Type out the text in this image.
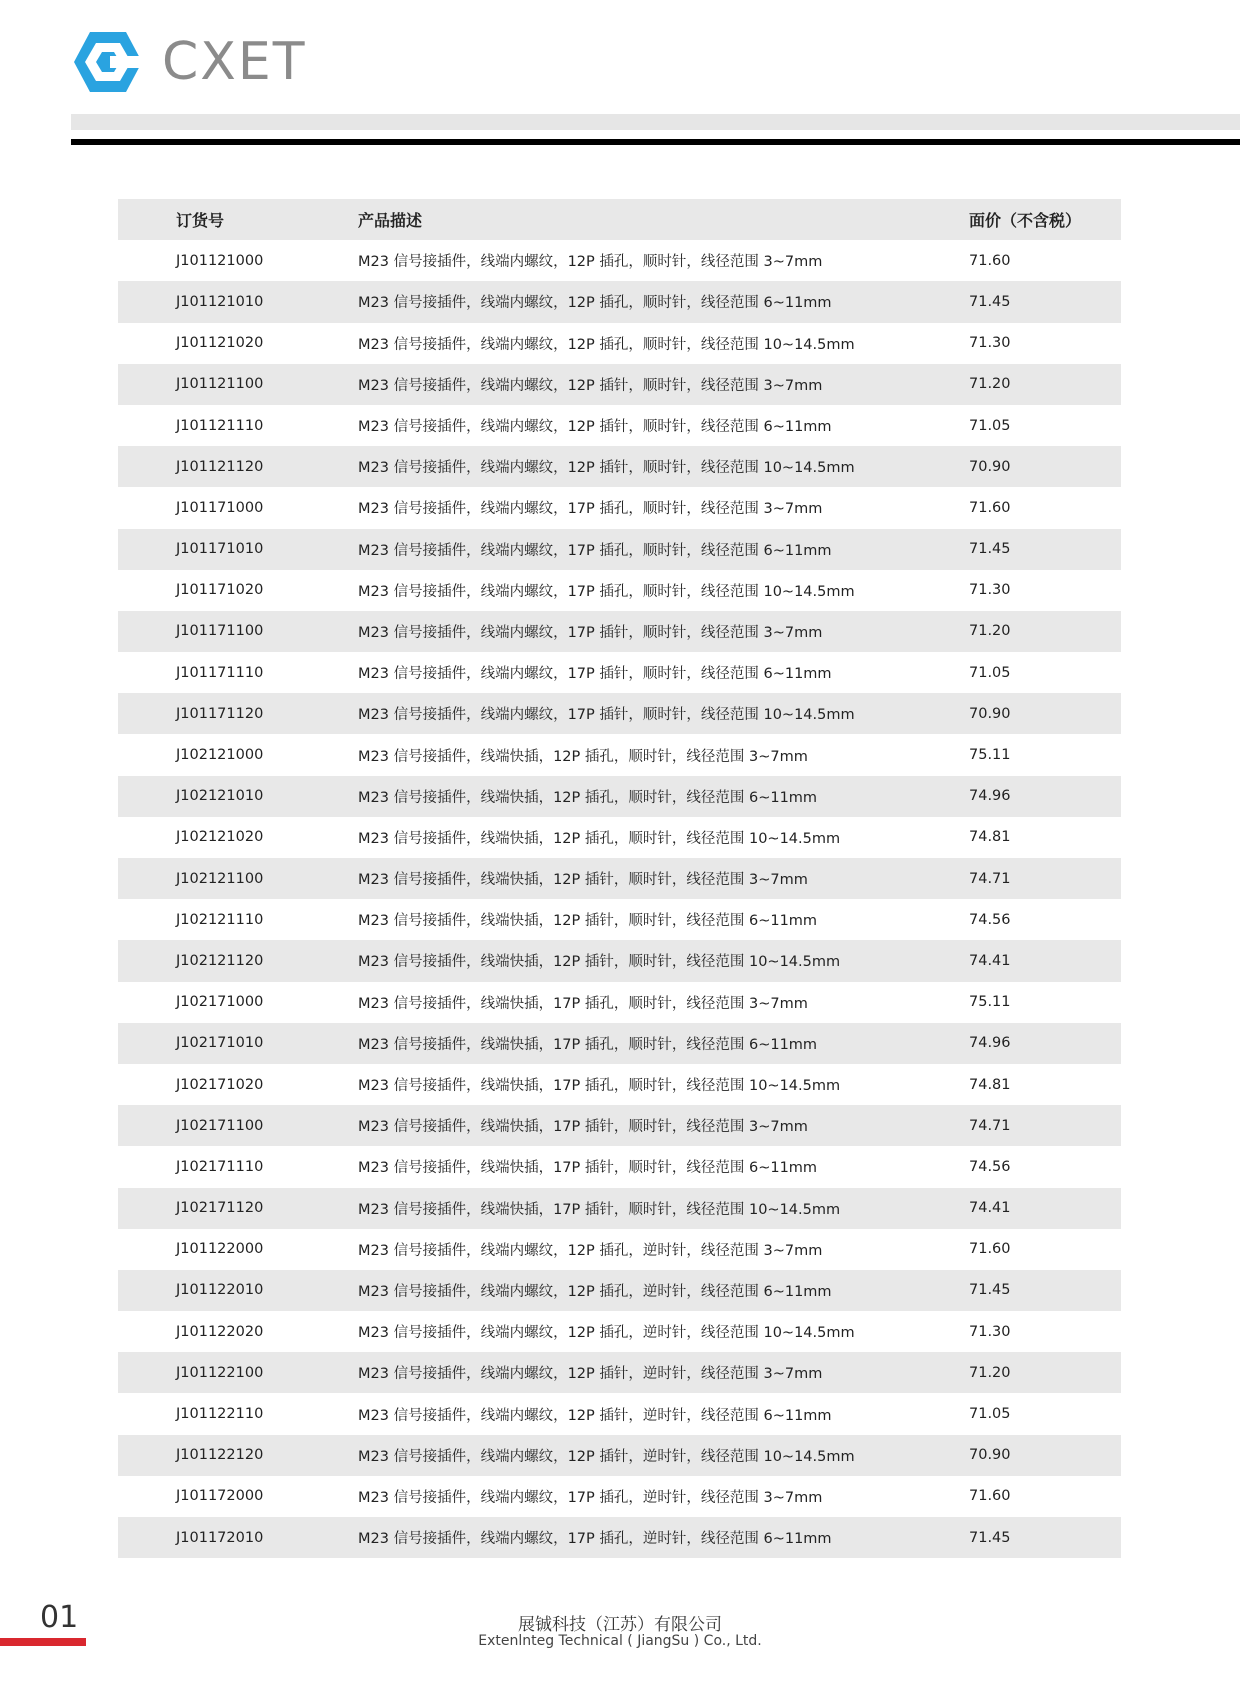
CXET
订货号	产品描述	面价（不含税）
J101121000	M23 信号接插件，线端内螺纹，12P 插孔，顺时针，线径范围 3~7mm	71.60
J101121010	M23 信号接插件，线端内螺纹，12P 插孔，顺时针，线径范围 6~11mm	71.45
J101121020	M23 信号接插件，线端内螺纹，12P 插孔，顺时针，线径范围 10~14.5mm	71.30
J101121100	M23 信号接插件，线端内螺纹，12P 插针，顺时针，线径范围 3~7mm	71.20
J101121110	M23 信号接插件，线端内螺纹，12P 插针，顺时针，线径范围 6~11mm	71.05
J101121120	M23 信号接插件，线端内螺纹，12P 插针，顺时针，线径范围 10~14.5mm	70.90
J101171000	M23 信号接插件，线端内螺纹，17P 插孔，顺时针，线径范围 3~7mm	71.60
J101171010	M23 信号接插件，线端内螺纹，17P 插孔，顺时针，线径范围 6~11mm	71.45
J101171020	M23 信号接插件，线端内螺纹，17P 插孔，顺时针，线径范围 10~14.5mm	71.30
J101171100	M23 信号接插件，线端内螺纹，17P 插针，顺时针，线径范围 3~7mm	71.20
J101171110	M23 信号接插件，线端内螺纹，17P 插针，顺时针，线径范围 6~11mm	71.05
J101171120	M23 信号接插件，线端内螺纹，17P 插针，顺时针，线径范围 10~14.5mm	70.90
J102121000	M23 信号接插件，线端快插，12P 插孔，顺时针，线径范围 3~7mm	75.11
J102121010	M23 信号接插件，线端快插，12P 插孔，顺时针，线径范围 6~11mm	74.96
J102121020	M23 信号接插件，线端快插，12P 插孔，顺时针，线径范围 10~14.5mm	74.81
J102121100	M23 信号接插件，线端快插，12P 插针，顺时针，线径范围 3~7mm	74.71
J102121110	M23 信号接插件，线端快插，12P 插针，顺时针，线径范围 6~11mm	74.56
J102121120	M23 信号接插件，线端快插，12P 插针，顺时针，线径范围 10~14.5mm	74.41
J102171000	M23 信号接插件，线端快插，17P 插孔，顺时针，线径范围 3~7mm	75.11
J102171010	M23 信号接插件，线端快插，17P 插孔，顺时针，线径范围 6~11mm	74.96
J102171020	M23 信号接插件，线端快插，17P 插孔，顺时针，线径范围 10~14.5mm	74.81
J102171100	M23 信号接插件，线端快插，17P 插针，顺时针，线径范围 3~7mm	74.71
J102171110	M23 信号接插件，线端快插，17P 插针，顺时针，线径范围 6~11mm	74.56
J102171120	M23 信号接插件，线端快插，17P 插针，顺时针，线径范围 10~14.5mm	74.41
J101122000	M23 信号接插件，线端内螺纹，12P 插孔，逆时针，线径范围 3~7mm	71.60
J101122010	M23 信号接插件，线端内螺纹，12P 插孔，逆时针，线径范围 6~11mm	71.45
J101122020	M23 信号接插件，线端内螺纹，12P 插孔，逆时针，线径范围 10~14.5mm	71.30
J101122100	M23 信号接插件，线端内螺纹，12P 插针，逆时针，线径范围 3~7mm	71.20
J101122110	M23 信号接插件，线端内螺纹，12P 插针，逆时针，线径范围 6~11mm	71.05
J101122120	M23 信号接插件，线端内螺纹，12P 插针，逆时针，线径范围 10~14.5mm	70.90
J101172000	M23 信号接插件，线端内螺纹，17P 插孔，逆时针，线径范围 3~7mm	71.60
J101172010	M23 信号接插件，线端内螺纹，17P 插孔，逆时针，线径范围 6~11mm	71.45
01	展铖科技（江苏）有限公司
Extenlnteg Technical ( JiangSu ) Co., Ltd.
